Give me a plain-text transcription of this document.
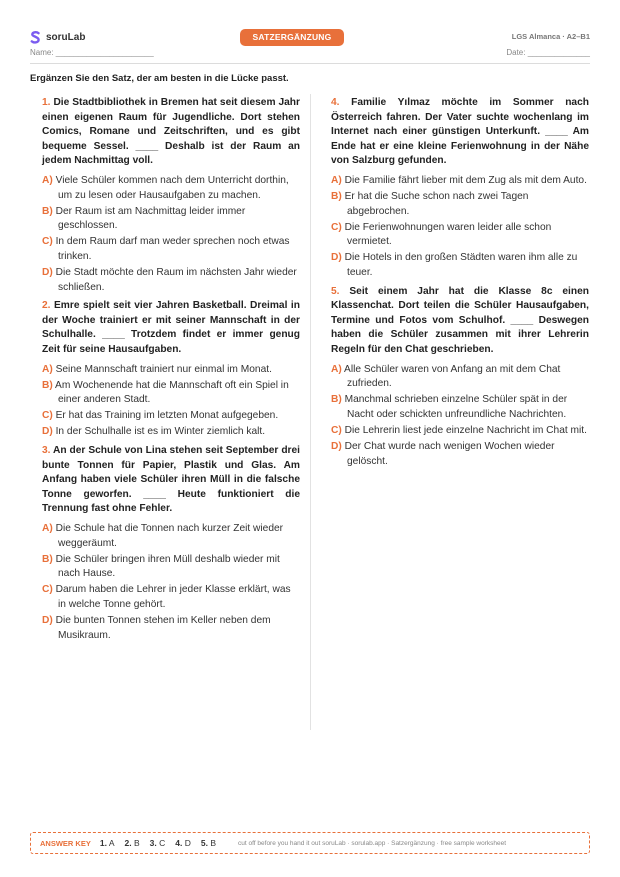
soruLab	SATZERGÄNZUNG	LGS Almanca · A2–B1
Name: ______________________	Date: ______________
Ergänzen Sie den Satz, der am besten in die Lücke passt.

1. Die Stadtbibliothek in Bremen hat seit diesem Jahr einen eigenen Raum für Jugendliche. Dort stehen Comics, Romane und Zeitschriften, und es gibt bequeme Sessel. ____ Deshalb ist der Raum an jedem Nachmittag voll.

A) Viele Schüler kommen nach dem Unterricht dorthin, um zu lesen oder Hausaufgaben zu machen.

B) Der Raum ist am Nachmittag leider immer geschlossen.

C) In dem Raum darf man weder sprechen noch etwas trinken.

D) Die Stadt möchte den Raum im nächsten Jahr wieder schließen.

2. Emre spielt seit vier Jahren Basketball. Dreimal in der Woche trainiert er mit seiner Mannschaft in der Schulhalle. ____ Trotzdem findet er immer genug Zeit für seine Hausaufgaben.

A) Seine Mannschaft trainiert nur einmal im Monat.

B) Am Wochenende hat die Mannschaft oft ein Spiel in einer anderen Stadt.

C) Er hat das Training im letzten Monat aufgegeben.

D) In der Schulhalle ist es im Winter ziemlich kalt.

3. An der Schule von Lina stehen seit September drei bunte Tonnen für Papier, Plastik und Glas. Am Anfang haben viele Schüler ihren Müll in die falsche Tonne geworfen. ____ Heute funktioniert die Trennung fast ohne Fehler.

A) Die Schule hat die Tonnen nach kurzer Zeit wieder weggeräumt.

B) Die Schüler bringen ihren Müll deshalb wieder mit nach Hause.

C) Darum haben die Lehrer in jeder Klasse erklärt, was in welche Tonne gehört.

D) Die bunten Tonnen stehen im Keller neben dem Musikraum.

4. Familie Yılmaz möchte im Sommer nach Österreich fahren. Der Vater suchte wochenlang im Internet nach einer günstigen Unterkunft. ____ Am Ende hat er eine kleine Ferienwohnung in der Nähe von Salzburg gefunden.

A) Die Familie fährt lieber mit dem Zug als mit dem Auto.

B) Er hat die Suche schon nach zwei Tagen abgebrochen.

C) Die Ferienwohnungen waren leider alle schon vermietet.

D) Die Hotels in den großen Städten waren ihm alle zu teuer.

5. Seit einem Jahr hat die Klasse 8c einen Klassenchat. Dort teilen die Schüler Hausaufgaben, Termine und Fotos vom Schulhof. ____ Deswegen haben die Schüler zusammen mit ihrer Lehrerin Regeln für den Chat geschrieben.

A) Alle Schüler waren von Anfang an mit dem Chat zufrieden.

B) Manchmal schrieben einzelne Schüler spät in der Nacht oder schickten unfreundliche Nachrichten.

C) Die Lehrerin liest jede einzelne Nachricht im Chat mit.

D) Der Chat wurde nach wenigen Wochen wieder gelöscht.

ANSWER KEY 1. A 2. B 3. C 4. D 5. B	cut off before you hand it out soruLab · sorulab.app · Satzergänzung · free sample worksheet
